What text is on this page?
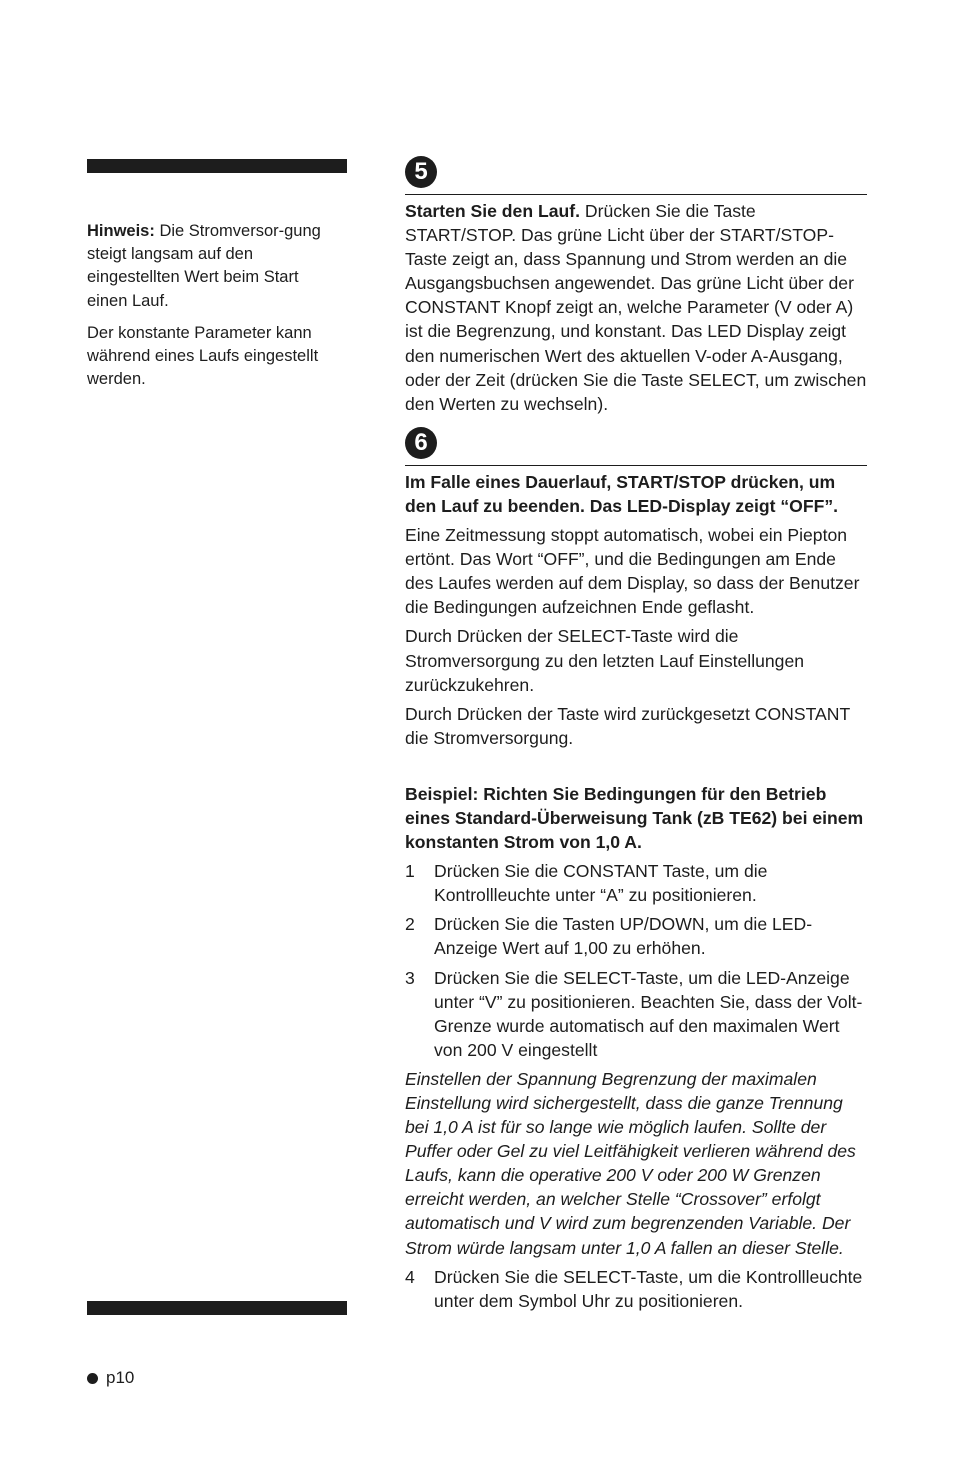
Hinweis: Die Stromversor-gung steigt langsam auf den eingestellten Wert beim Start einen Lauf.

Der konstante Parameter kann während eines Laufs eingestellt werden.

5

Starten Sie den Lauf. Drücken Sie die Taste START/STOP. Das grüne Licht über der START/STOP-Taste zeigt an, dass Spannung und Strom werden an die Ausgangsbuchsen angewendet. Das grüne Licht über der CONSTANT Knopf zeigt an, welche Parameter (V oder A) ist die Begrenzung, und konstant. Das LED Display zeigt den numerischen Wert des aktuellen V-oder A-Ausgang, oder der Zeit (drücken Sie die Taste SELECT, um zwischen den Werten zu wechseln).

6

Im Falle eines Dauerlauf, START/STOP drücken, um den Lauf zu beenden. Das LED-Display zeigt “OFF”.

Eine Zeitmessung stoppt automatisch, wobei ein Piepton ertönt. Das Wort “OFF”, und die Bedingungen am Ende des Laufes werden auf dem Display, so dass der Benutzer die Bedingungen aufzeichnen Ende geflasht.

Durch Drücken der SELECT-Taste wird die Stromversorgung zu den letzten Lauf Einstellungen zurückzukehren.

Durch Drücken der Taste wird zurückgesetzt CONSTANT die Stromversorgung.

Beispiel: Richten Sie Bedingungen für den Betrieb eines Standard-Überweisung Tank (zB TE62) bei einem konstanten Strom von 1,0 A.

1 Drücken Sie die CONSTANT Taste, um die Kontrollleuchte unter “A” zu positionieren.
2 Drücken Sie die Tasten UP/DOWN, um die LED-Anzeige Wert auf 1,00 zu erhöhen.
3 Drücken Sie die SELECT-Taste, um die LED-Anzeige unter “V” zu positionieren. Beachten Sie, dass der Volt-Grenze wurde automatisch auf den maximalen Wert von 200 V eingestellt

Einstellen der Spannung Begrenzung der maximalen Einstellung wird sichergestellt, dass die ganze Trennung bei 1,0 A ist für so lange wie möglich laufen. Sollte der Puffer oder Gel zu viel Leitfähigkeit verlieren während des Laufs, kann die operative 200 V oder 200 W Grenzen erreicht werden, an welcher Stelle “Crossover” erfolgt automatisch und V wird zum begrenzenden Variable. Der Strom würde langsam unter 1,0 A fallen an dieser Stelle.

4 Drücken Sie die SELECT-Taste, um die Kontrollleuchte unter dem Symbol Uhr zu positionieren.
p10
